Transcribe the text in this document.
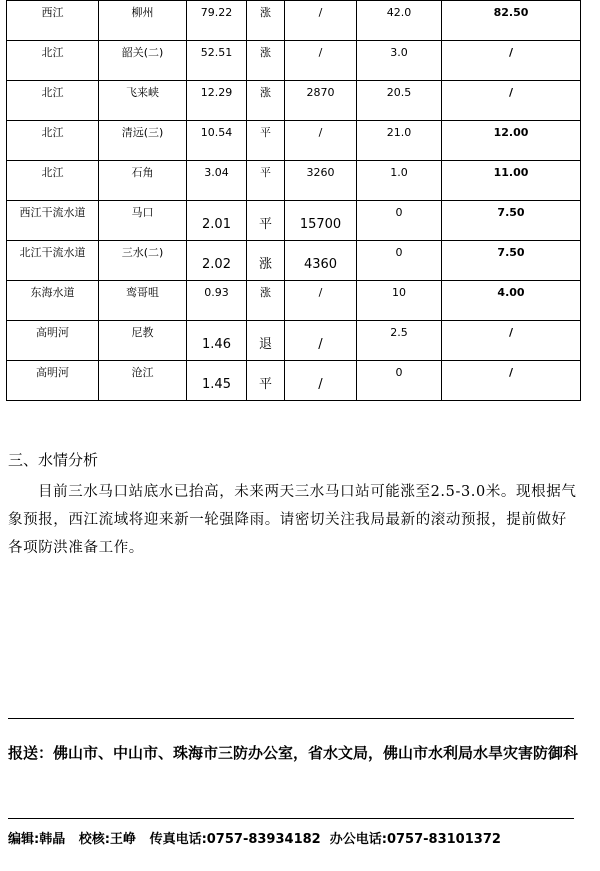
西江	柳州	79.22	涨	/	42.0	82.50

北江	韶关(二)	52.51	涨	/	3.0	/

北江	飞来峡	12.29	涨	2870	20.5	/

北江	清远(三)	10.54	平	/	21.0	12.00

北江	石角	3.04	平	3260	1.0	11.00

西江干流水道	马口	2.01	平	15700	0	7.50

北江干流水道	三水(二)	2.02	涨	4360	0	7.50

东海水道	鸾哥咀	0.93	涨	/	10	4.00

高明河	尼教	1.46	退	/	2.5	/

高明河	沧江	1.45	平	/	0	/
三、水情分析
目前三水马口站底水已抬高，未来两天三水马口站可能涨至2.5-3.0米。现根据气象预报，西江流域将迎来新一轮强降雨。请密切关注我局最新的滚动预报，提前做好各项防洪准备工作。
报送：佛山市、中山市、珠海市三防办公室，省水文局，佛山市水利局水旱灾害防御科
编辑:韩晶 校核:王峥 传真电话:0757-83934182 办公电话:0757-83101372
